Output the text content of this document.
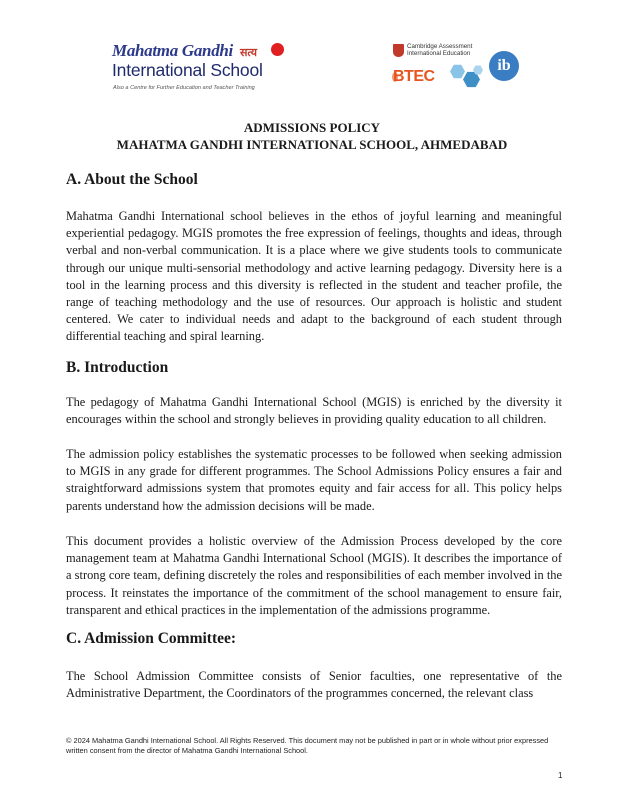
Mahatma Gandhi सत्य
International School
Also a Centre for Further Education and Teacher Training
Cambridge Assessment
International Education
BTEC
ib
ADMISSIONS POLICY
MAHATMA GANDHI INTERNATIONAL SCHOOL, AHMEDABAD
A. About the School

Mahatma Gandhi International school believes in the ethos of joyful learning and meaningful experiential pedagogy. MGIS promotes the free expression of feelings, thoughts and ideas, through verbal and non-verbal communication. It is a place where we give students tools to communicate through our unique multi-sensorial methodology and active learning pedagogy. Diversity here is a tool in the learning process and this diversity is reflected in the student and teacher profile, the range of teaching methodology and the use of resources. Our approach is holistic and student centered. We cater to individual needs and adapt to the background of each student through differential teaching and spiral learning.

B. Introduction

The pedagogy of Mahatma Gandhi International School (MGIS) is enriched by the diversity it encourages within the school and strongly believes in providing quality education to all children.

The admission policy establishes the systematic processes to be followed when seeking admission to MGIS in any grade for different programmes. The School Admissions Policy ensures a fair and straightforward admissions system that promotes equity and fair access for all. This policy helps parents understand how the admission decisions will be made.

This document provides a holistic overview of the Admission Process developed by the core management team at Mahatma Gandhi International School (MGIS). It describes the importance of a strong core team, defining discretely the roles and responsibilities of each member involved in the process. It reinstates the importance of the commitment of the school management to ensure fair, transparent and ethical practices in the implementation of the admissions programme.

C. Admission Committee:

The School Admission Committee consists of Senior faculties, one representative of the Administrative Department, the Coordinators of the programmes concerned, the relevant class

© 2024 Mahatma Gandhi International School. All Rights Reserved. This document may not be published in part or in whole without prior expressed written consent from the director of Mahatma Gandhi International School.
1
